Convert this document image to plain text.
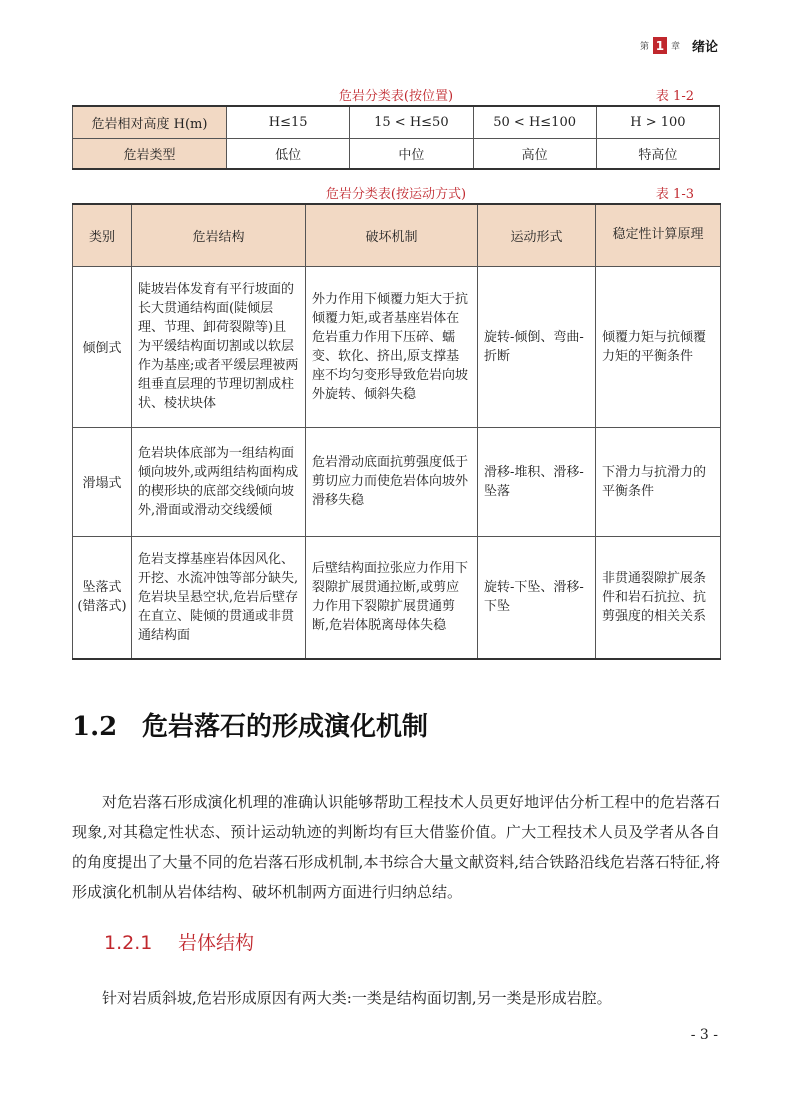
第 1 章 绪论
危岩分类表(按位置)	表 1-2
危岩相对高度 H(m)	H≤15	15 < H≤50	50 < H≤100	H > 100
危岩类型	低位	中位	高位	特高位
危岩分类表(按运动方式)	表 1-3
类别	危岩结构	破坏机制	运动形式	稳定性计算原理
倾倒式	陡坡岩体发育有平行坡面的长大贯通结构面(陡倾层理、节理、卸荷裂隙等)且为平缓结构面切割或以软层作为基座;或者平缓层理被两组垂直层理的节理切割成柱状、棱状块体	外力作用下倾覆力矩大于抗倾覆力矩,或者基座岩体在危岩重力作用下压碎、蠕变、软化、挤出,原支撑基座不均匀变形导致危岩向坡外旋转、倾斜失稳	旋转-倾倒、弯曲-折断	倾覆力矩与抗倾覆力矩的平衡条件
滑塌式	危岩块体底部为一组结构面倾向坡外,或两组结构面构成的楔形块的底部交线倾向坡外,滑面或滑动交线缓倾	危岩滑动底面抗剪强度低于剪切应力而使危岩体向坡外滑移失稳	滑移-堆积、滑移-坠落	下滑力与抗滑力的平衡条件
坠落式(错落式)	危岩支撑基座岩体因风化、开挖、水流冲蚀等部分缺失,危岩块呈悬空状,危岩后壁存在直立、陡倾的贯通或非贯通结构面	后壁结构面拉张应力作用下裂隙扩展贯通拉断,或剪应力作用下裂隙扩展贯通剪断,危岩体脱离母体失稳	旋转-下坠、滑移-下坠	非贯通裂隙扩展条件和岩石抗拉、抗剪强度的相关关系
1.2 危岩落石的形成演化机制

对危岩落石形成演化机理的准确认识能够帮助工程技术人员更好地评估分析工程中的危岩落石现象,对其稳定性状态、预计运动轨迹的判断均有巨大借鉴价值。广大工程技术人员及学者从各自的角度提出了大量不同的危岩落石形成机制,本书综合大量文献资料,结合铁路沿线危岩落石特征,将形成演化机制从岩体结构、破坏机制两方面进行归纳总结。

1.2.1 岩体结构

针对岩质斜坡,危岩形成原因有两大类:一类是结构面切割,另一类是形成岩腔。

- 3 -
